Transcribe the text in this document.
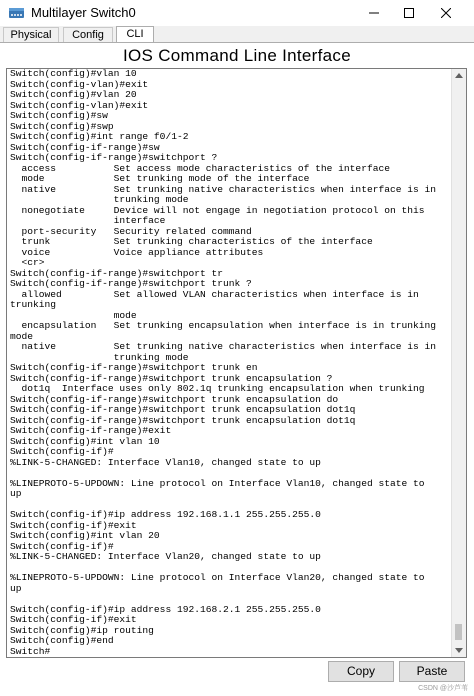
Multilayer Switch0
Physical	Config	CLI
IOS Command Line Interface
Switch(config)#vlan 10
Switch(config-vlan)#exit
Switch(config)#vlan 20
Switch(config-vlan)#exit
Switch(config)#sw
Switch(config)#swp
Switch(config)#int range f0/1-2
Switch(config-if-range)#sw
Switch(config-if-range)#switchport ?
access          Set access mode characteristics of the interface
mode            Set trunking mode of the interface
native          Set trunking native characteristics when interface is in
trunking mode
nonegotiate     Device will not engage in negotiation protocol on this
interface
port-security   Security related command
trunk           Set trunking characteristics of the interface
voice           Voice appliance attributes
<cr>
Switch(config-if-range)#switchport tr
Switch(config-if-range)#switchport trunk ?
allowed         Set allowed VLAN characteristics when interface is in
trunking
mode
encapsulation   Set trunking encapsulation when interface is in trunking
mode
native          Set trunking native characteristics when interface is in
trunking mode
Switch(config-if-range)#switchport trunk en
Switch(config-if-range)#switchport trunk encapsulation ?
dot1q  Interface uses only 802.1q trunking encapsulation when trunking
Switch(config-if-range)#switchport trunk encapsulation do
Switch(config-if-range)#switchport trunk encapsulation dot1q
Switch(config-if-range)#switchport trunk encapsulation dot1q
Switch(config-if-range)#exit
Switch(config)#int vlan 10
Switch(config-if)#
%LINK-5-CHANGED: Interface Vlan10, changed state to up
%LINEPROTO-5-UPDOWN: Line protocol on Interface Vlan10, changed state to
up
Switch(config-if)#ip address 192.168.1.1 255.255.255.0
Switch(config-if)#exit
Switch(config)#int vlan 20
Switch(config-if)#
%LINK-5-CHANGED: Interface Vlan20, changed state to up
%LINEPROTO-5-UPDOWN: Line protocol on Interface Vlan20, changed state to
up
Switch(config-if)#ip address 192.168.2.1 255.255.255.0
Switch(config-if)#exit
Switch(config)#ip routing
Switch(config)#end
Switch#
Copy	Paste
CSDN @沙芦苇
